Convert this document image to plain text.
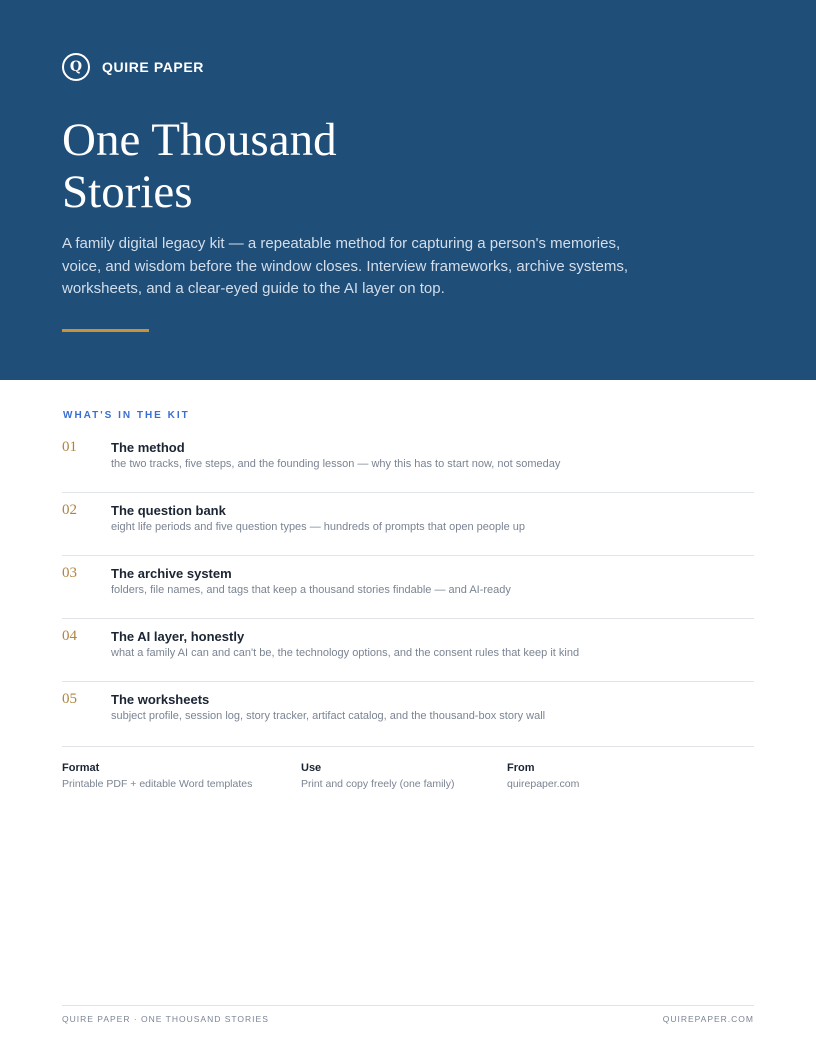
Q	QUIRE PAPER
One Thousand
Stories

A family digital legacy kit — a repeatable method for capturing a person's memories, voice, and wisdom before the window closes. Interview frameworks, archive systems, worksheets, and a clear-eyed guide to the AI layer on top.

WHAT'S IN THE KIT
01	The method
the two tracks, five steps, and the founding lesson — why this has to start now, not someday
02	The question bank
eight life periods and five question types — hundreds of prompts that open people up
03	The archive system
folders, file names, and tags that keep a thousand stories findable — and AI-ready
04	The AI layer, honestly
what a family AI can and can't be, the technology options, and the consent rules that keep it kind
05	The worksheets
subject profile, session log, story tracker, artifact catalog, and the thousand-box story wall
Format
Printable PDF + editable Word templates
Use
Print and copy freely (one family)
From
quirepaper.com
QUIRE PAPER · ONE THOUSAND STORIES	QUIREPAPER.COM
